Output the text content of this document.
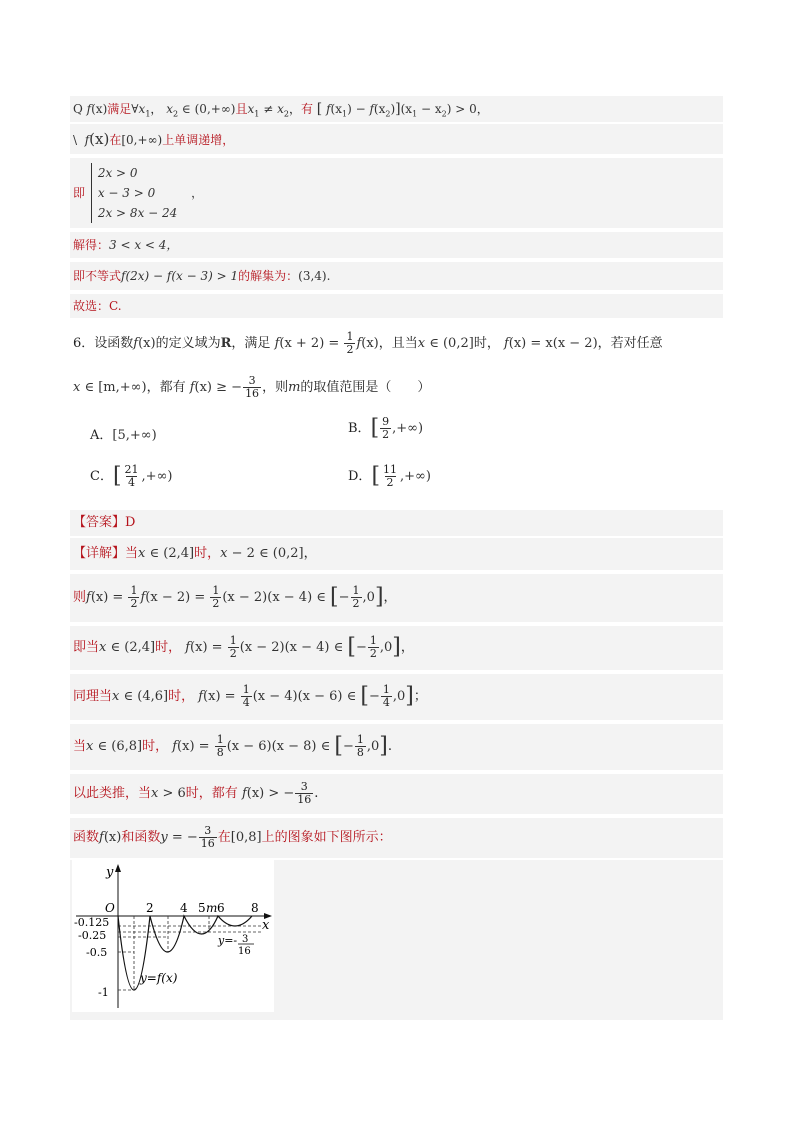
Q f(x)满足$\forall x_1$， $x_2$ ∈ (0,+∞)且$x_1 \ne x_2$，有 [ $f(x_1) - f(x_2)](x_1 - x_2) > 0$，
\ f(x)在[0,+∞)上单调递增，
即
2x > 0
x − 3 > 0
2x > 8x − 24
，
解得：3 < x < 4，
即不等式f(2x) − f(x − 3) > 1的解集为：(3,4).
故选：C.
6．设函数f(x)的定义域为R，满足 $f(x + 2) = \frac{1}{2} f(x)$，且当x ∈ (0,2]时， f(x) = x(x − 2)，若对任意
x ∈ [m,+∞)，都有 f(x) ≥ − $\frac{3}{16}$ ，则m的取值范围是（　　）
A．[5,+∞)	B．[ $\frac{9}{2}$ ,+∞)
C．[ $\frac{21}{4}$ ,+∞)	D．[ $\frac{11}{2}$ ,+∞)
【答案】D
【详解】当x ∈ (2,4]时，x − 2 ∈ (0,2]，
则$f(x) = \frac{1}{2} f(x - 2) = \frac{1}{2} (x - 2)(x - 4)$ ∈ [− $\frac{1}{2} ,0$]，
即当x ∈ (2,4]时， $f(x) = \frac{1}{2} (x - 2)(x - 4)$ ∈ [− $\frac{1}{2} ,0$]，
同理当x ∈ (4,6]时， $f(x) = \frac{1}{4} (x - 4)(x - 6)$ ∈ [− $\frac{1}{4} ,0$]；
当x ∈ (6,8]时， $f(x) = \frac{1}{8} (x - 6)(x - 8)$ ∈ [− $\frac{1}{8} ,0$].
以此类推，当x > 6时，都有 f(x) > − $\frac{3}{16}$ .
函数f(x)和函数y = − $\frac{3}{16}$ 在[0,8]上的图象如下图所示：
y
x
O	2 4 5 m 6 8
-0.125
-0.25
-0.5
-1
y=f(x)
y=- 3
16
